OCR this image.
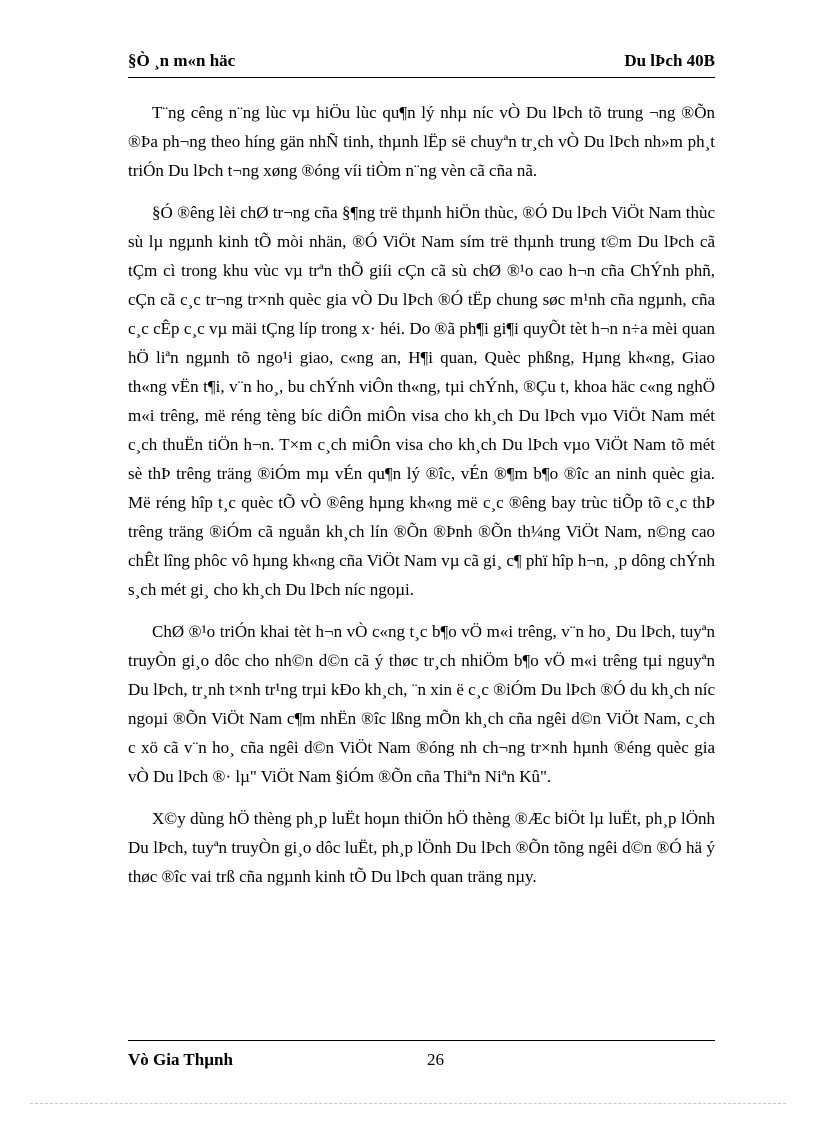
§Ò ¸n m«n häc	Du lÞch 40B

T¨ng cêng n¨ng lùc vµ hiÖu lùc qu¶n lý nhµ níc vÒ Du lÞch tõ trung ¬ng ®Õn ®Þa ph¬ng theo híng gän nhÑ tinh, thµnh lËp së chuyªn tr¸ch vÒ Du lÞch nh»m ph¸t triÓn Du lÞch t¬ng xøng ®óng víi tiÒm n¨ng vèn cã cña nã.

§Ó ®êng lèi chØ tr¬ng cña §¶ng trë thµnh hiÖn thùc, ®Ó Du lÞch ViÖt Nam thùc sù lµ ngµnh kinh tÕ mòi nhän, ®Ó ViÖt Nam sím trë thµnh trung t©m Du lÞch cã tÇm cì trong khu vùc vµ trªn thÕ giíi cÇn cã sù chØ ®¹o cao h¬n cña ChÝnh phñ, cÇn cã c¸c tr¬ng tr×nh quèc gia vÒ Du lÞch ®Ó tËp chung søc m¹nh cña ngµnh, cña c¸c cÊp c¸c vµ mäi tÇng líp trong x· héi. Do ®ã ph¶i gi¶i quyÕt tèt h¬n n÷a mèi quan hÖ liªn ngµnh tõ ngo¹i giao, c«ng an, H¶i quan, Quèc phßng, Hµng kh«ng, Giao th«ng vËn t¶i, v¨n ho¸, bu chÝnh viÔn th«ng, tµi chÝnh, ®Çu t, khoa häc c«ng nghÖ m«i trêng, më réng tèng bíc diÔn miÔn visa cho kh¸ch Du lÞch vµo ViÖt Nam mét c¸ch thuËn tiÖn h¬n. T×m c¸ch miÔn visa cho kh¸ch Du lÞch vµo ViÖt Nam tõ mét sè thÞ trêng träng ®iÓm mµ vÉn qu¶n lý ®îc, vÉn ®¶m b¶o ®îc an ninh quèc gia. Më réng hîp t¸c quèc tÕ vÒ ®êng hµng kh«ng më c¸c ®êng bay trùc tiÕp tõ c¸c thÞ trêng träng ®iÓm cã nguån kh¸ch lín ®Õn ®Þnh ®Õn th¼ng ViÖt Nam, n©ng cao chÊt lîng phôc vô hµng kh«ng cña ViÖt Nam vµ cã gi¸ c¶ phï hîp h¬n, ¸p dông chÝnh s¸ch mét gi¸ cho kh¸ch Du lÞch níc ngoµi.

ChØ ®¹o triÓn khai tèt h¬n vÒ c«ng t¸c b¶o vÖ m«i trêng, v¨n ho¸ Du lÞch, tuyªn truyÒn gi¸o dôc cho nh©n d©n cã ý thøc tr¸ch nhiÖm b¶o vÖ m«i trêng tµi nguyªn Du lÞch, tr¸nh t×nh tr¹ng trµi kÐo kh¸ch, ¨n xin ë c¸c ®iÓm Du lÞch ®Ó du kh¸ch níc ngoµi ®Õn ViÖt Nam c¶m nhËn ®îc lßng mÕn kh¸ch cña ngêi d©n ViÖt Nam, c¸ch c xö cã v¨n ho¸ cña ngêi d©n ViÖt Nam ®óng nh ch¬ng tr×nh hµnh ®éng quèc gia vÒ Du lÞch ®· lµ" ViÖt Nam §iÓm ®Õn cña Thiªn Niªn Kû".

X©y dùng hÖ thèng ph¸p luËt hoµn thiÖn hÖ thèng ®Æc biÖt lµ luËt, ph¸p lÖnh Du lÞch, tuyªn truyÒn gi¸o dôc luËt, ph¸p lÖnh Du lÞch ®Õn tõng ngêi d©n ®Ó hä ý thøc ®îc vai trß cña ngµnh kinh tÕ Du lÞch quan träng nµy.

Vò Gia Thµnh	26
